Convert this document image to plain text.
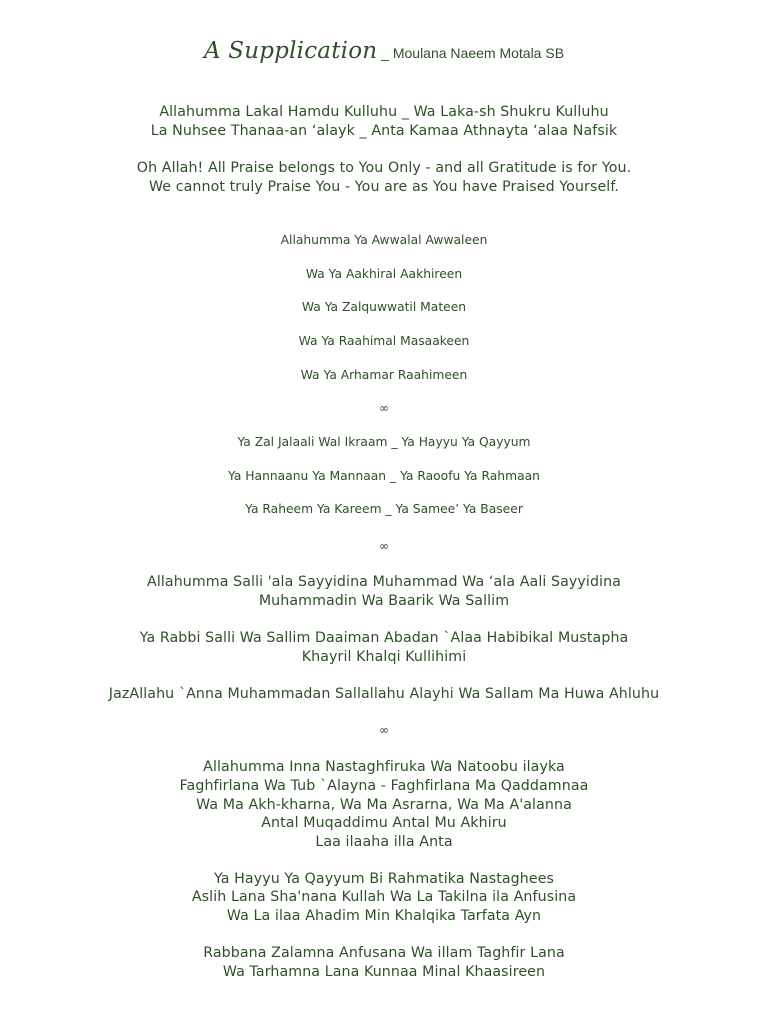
A Supplication _ Moulana Naeem Motala SB
Allahumma Lakal Hamdu Kulluhu _ Wa Laka-sh Shukru Kulluhu
La Nuhsee Thanaa-an ‘alayk _ Anta Kamaa Athnayta ‘alaa Nafsik
Oh Allah! All Praise belongs to You Only - and all Gratitude is for You.
We cannot truly Praise You - You are as You have Praised Yourself.
Allahumma Ya Awwalal Awwaleen
Wa Ya Aakhiral Aakhireen
Wa Ya Zalquwwatil Mateen
Wa Ya Raahimal Masaakeen
Wa Ya Arhamar Raahimeen
∞
Ya Zal Jalaali Wal Ikraam _ Ya Hayyu Ya Qayyum
Ya Hannaanu Ya Mannaan _ Ya Raoofu Ya Rahmaan
Ya Raheem Ya Kareem _ Ya Samee’ Ya Baseer
∞
Allahumma Salli 'ala Sayyidina Muhammad Wa ‘ala Aali Sayyidina
Muhammadin Wa Baarik Wa Sallim
Ya Rabbi Salli Wa Sallim Daaiman Abadan `Alaa Habibikal Mustapha
Khayril Khalqi Kullihimi
JazAllahu `Anna Muhammadan Sallallahu Alayhi Wa Sallam Ma Huwa Ahluhu
∞
Allahumma Inna Nastaghfiruka Wa Natoobu ilayka
Faghfirlana Wa Tub `Alayna - Faghfirlana Ma Qaddamnaa
Wa Ma Akh-kharna, Wa Ma Asrarna, Wa Ma A'alanna
Antal Muqaddimu Antal Mu Akhiru
Laa ilaaha illa Anta
Ya Hayyu Ya Qayyum Bi Rahmatika Nastaghees
Aslih Lana Sha'nana Kullah Wa La Takilna ila Anfusina
Wa La ilaa Ahadim Min Khalqika Tarfata Ayn
Rabbana Zalamna Anfusana Wa illam Taghfir Lana
Wa Tarhamna Lana Kunnaa Minal Khaasireen
